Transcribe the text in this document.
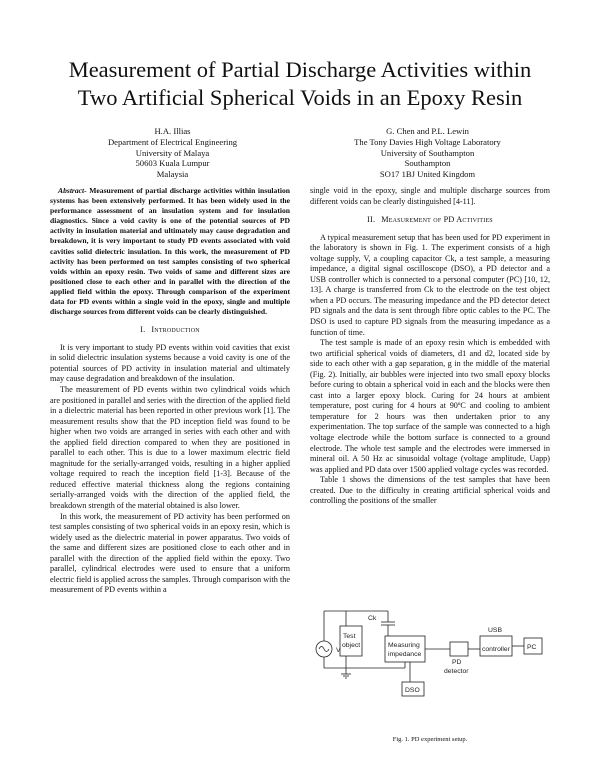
Measurement of Partial Discharge Activities within
Two Artificial Spherical Voids in an Epoxy Resin
H.A. Illias
Department of Electrical Engineering
University of Malaya
50603 Kuala Lumpur
Malaysia
G. Chen and P.L. Lewin
The Tony Davies High Voltage Laboratory
University of Southampton
Southampton
SO17 1BJ United Kingdom

Abstract- Measurement of partial discharge activities within insulation systems has been extensively performed. It has been widely used in the performance assessment of an insulation system and for insulation diagnostics. Since a void cavity is one of the potential sources of PD activity in insulation material and ultimately may cause degradation and breakdown, it is very important to study PD events associated with void cavities solid dielectric insulation. In this work, the measurement of PD activity has been performed on test samples consisting of two spherical voids within an epoxy resin. Two voids of same and different sizes are positioned close to each other and in parallel with the direction of the applied field within the epoxy. Through comparison of the experiment data for PD events within a single void in the epoxy, single and multiple discharge sources from different voids can be clearly distinguished.

I. Introduction

It is very important to study PD events within void cavities that exist in solid dielectric insulation systems because a void cavity is one of the potential sources of PD activity in insulation material and ultimately may cause degradation and breakdown of the insulation.

The measurement of PD events within two cylindrical voids which are positioned in parallel and series with the direction of the applied field in a dielectric material has been reported in other previous work [1]. The measurement results show that the PD inception field was found to be higher when two voids are arranged in series with each other and with the applied field direction compared to when they are positioned in parallel to each other. This is due to a lower maximum electric field magnitude for the serially-arranged voids, resulting in a higher applied voltage required to reach the inception field [1-3]. Because of the reduced effective material thickness along the regions containing serially-arranged voids with the direction of the applied field, the breakdown strength of the material obtained is also lower.

In this work, the measurement of PD activity has been performed on test samples consisting of two spherical voids in an epoxy resin, which is widely used as the dielectric material in power apparatus. Two voids of the same and different sizes are positioned close to each other and in parallel with the direction of the applied field within the epoxy. Two parallel, cylindrical electrodes were used to ensure that a uniform electric field is applied across the samples. Through comparison with the measurement of PD events within a

single void in the epoxy, single and multiple discharge sources from different voids can be clearly distinguished [4-11].

II. Measurement of PD Activities

A typical measurement setup that has been used for PD experiment in the laboratory is shown in Fig. 1. The experiment consists of a high voltage supply, V, a coupling capacitor Ck, a test sample, a measuring impedance, a digital signal oscilloscope (DSO), a PD detector and a USB controller which is connected to a personal computer (PC) [10, 12, 13]. A charge is transferred from Ck to the electrode on the test object when a PD occurs. The measuring impedance and the PD detector detect PD signals and the data is sent through fibre optic cables to the PC. The DSO is used to capture PD signals from the measuring impedance as a function of time.

The test sample is made of an epoxy resin which is embedded with two artificial spherical voids of diameters, d1 and d2, located side by side to each other with a gap separation, g in the middle of the material (Fig. 2). Initially, air bubbles were injected into two small epoxy blocks before curing to obtain a spherical void in each and the blocks were then cast into a larger epoxy block. Curing for 24 hours at ambient temperature, post curing for 4 hours at 90ºC and cooling to ambient temperature for 2 hours was then undertaken prior to any experimentation. The top surface of the sample was connected to a high voltage electrode while the bottom surface is connected to a ground electrode. The whole test sample and the electrodes were immersed in mineral oil. A 50 Hz ac sinusoidal voltage (voltage amplitude, Uapp) was applied and PD data over 1500 applied voltage cycles was recorded.

Table 1 shows the dimensions of the test samples that have been created. Due to the difficulty in creating artificial spherical voids and controlling the positions of the smaller

V
Ck
Test
object	Measuring
impedance
USB
controller	PC
DSO
PD
detector
Fig. 1. PD experiment setup.
